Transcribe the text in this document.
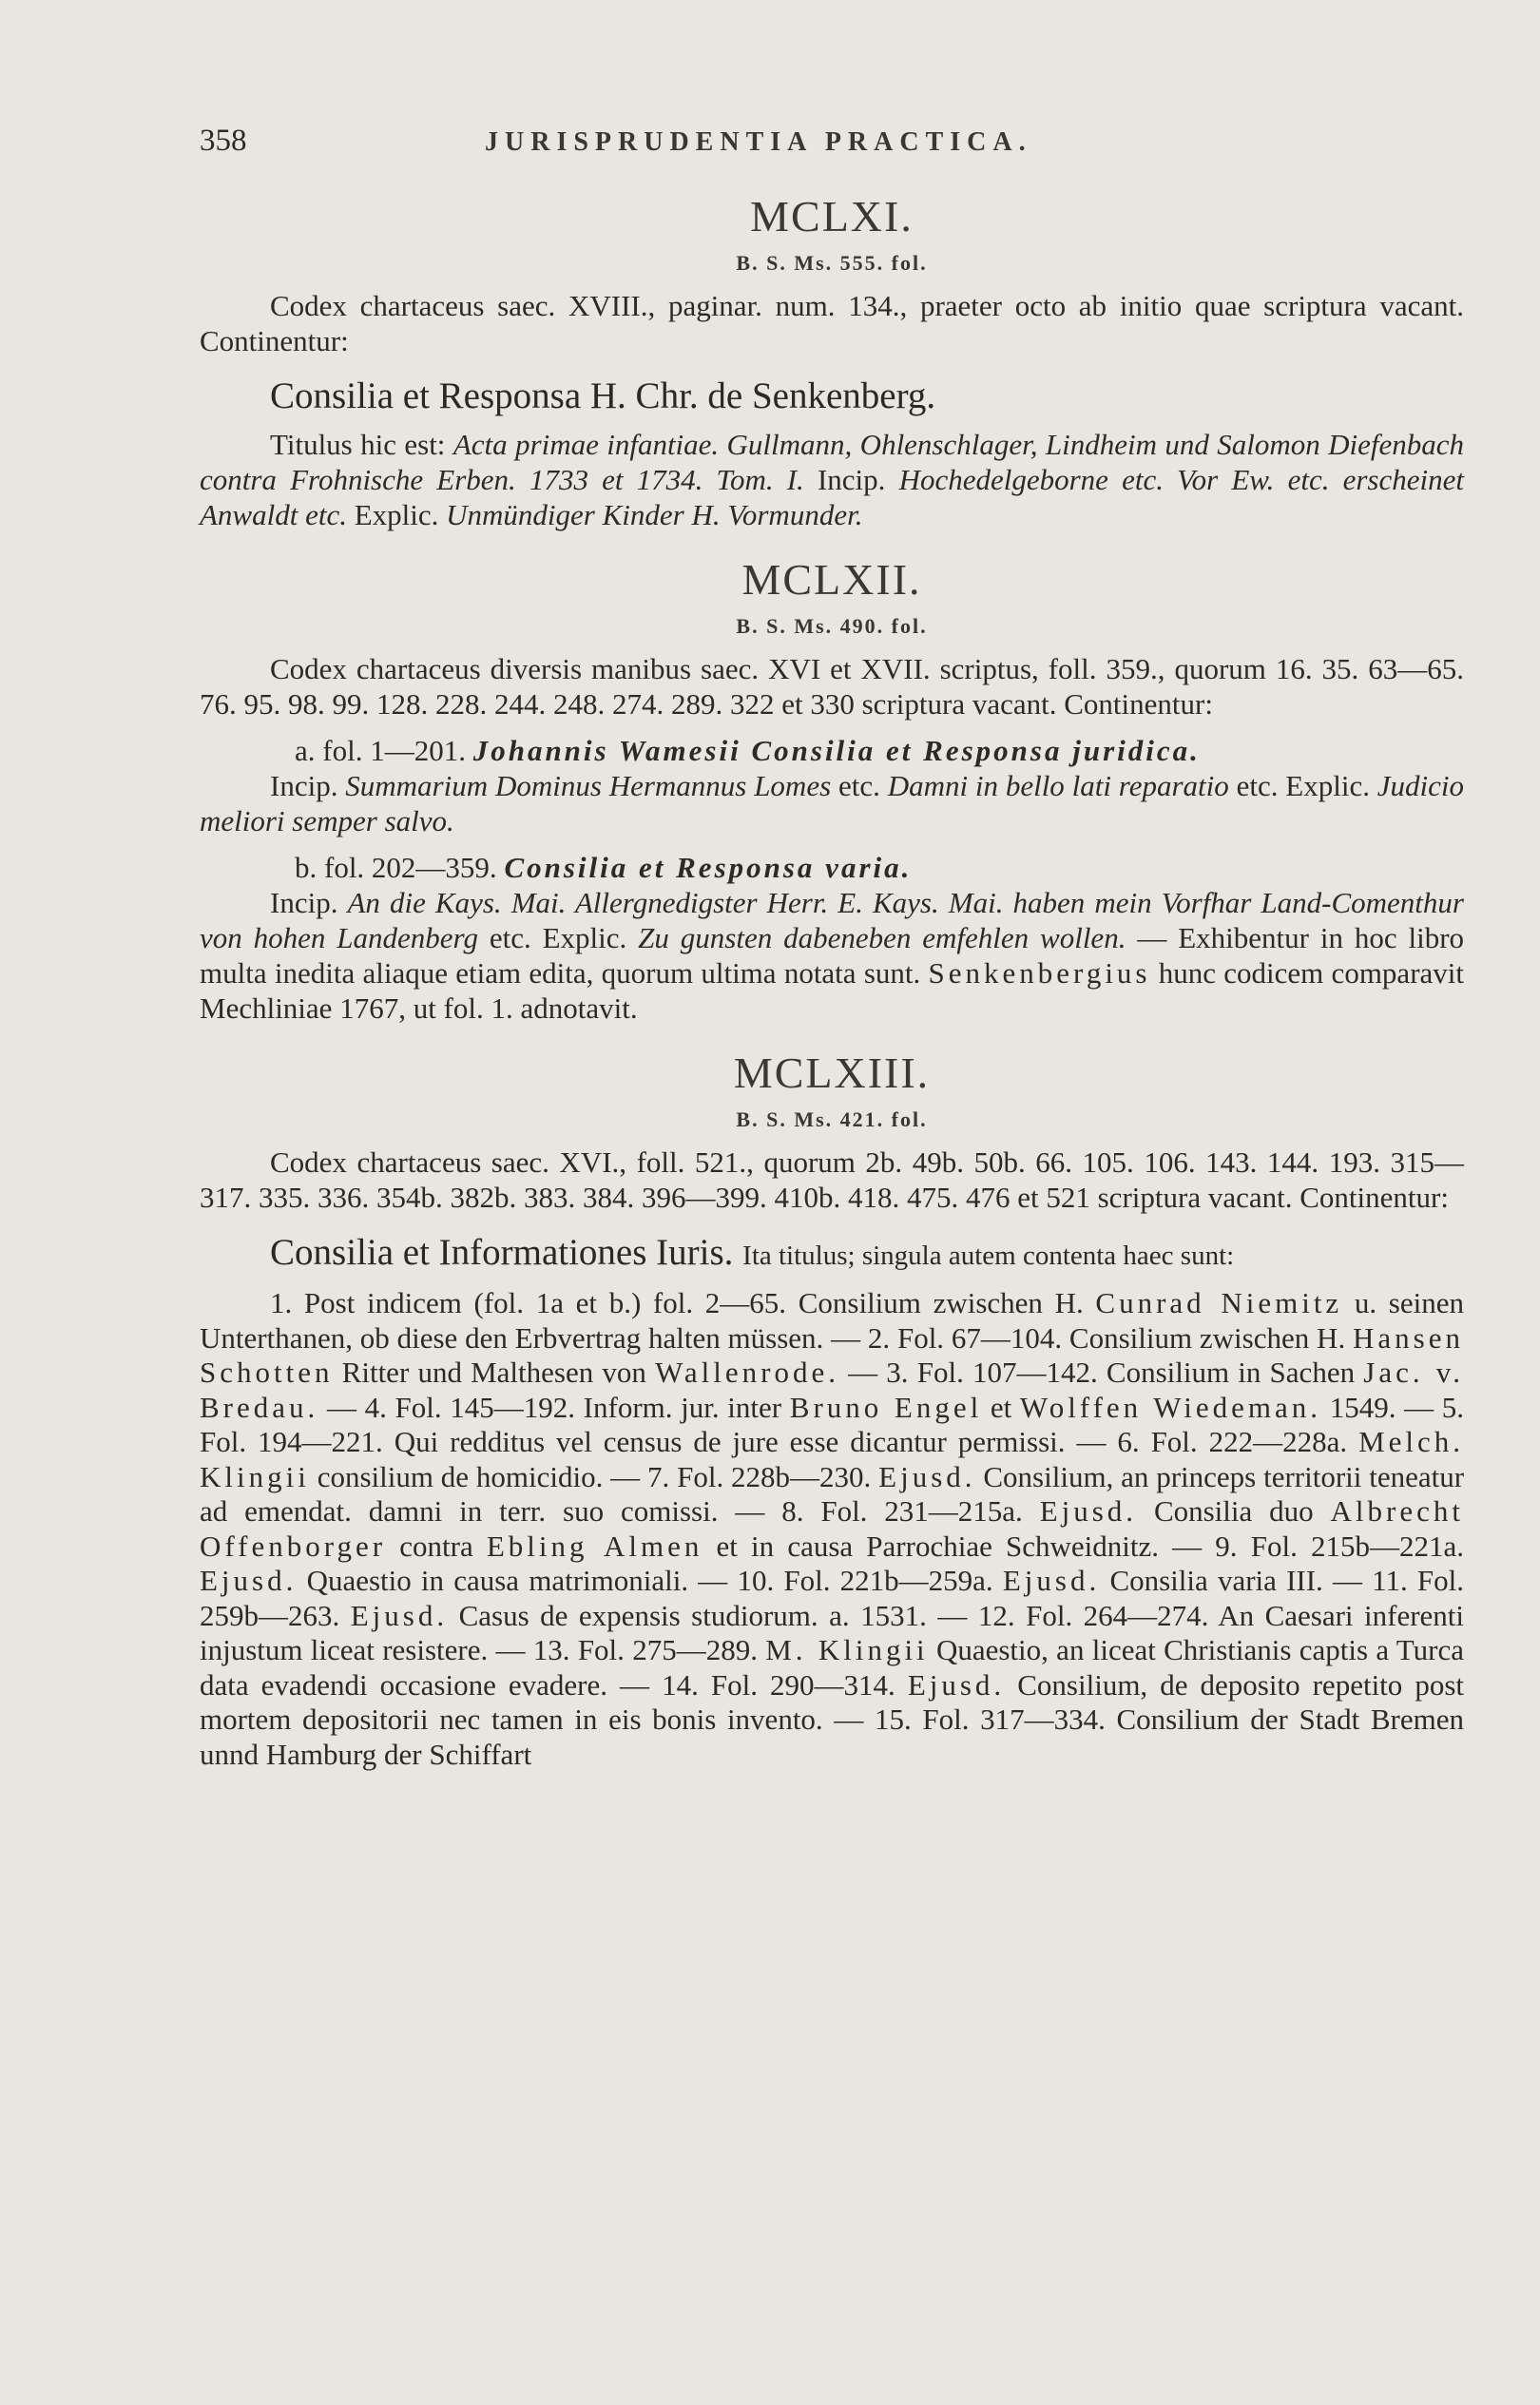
358	JURISPRUDENTIA PRACTICA.
MCLXI.
B. S. Ms. 555. fol.

Codex chartaceus saec. XVIII., paginar. num. 134., praeter octo ab initio quae scriptura vacant. Continentur:

Consilia et Responsa H. Chr. de Senkenberg.

Titulus hic est: Acta primae infantiae. Gullmann, Ohlenschlager, Lindheim und Salomon Diefenbach contra Frohnische Erben. 1733 et 1734. Tom. I. Incip. Hochedelgeborne etc. Vor Ew. etc. erscheinet Anwaldt etc. Explic. Unmündiger Kinder H. Vormunder.

MCLXII.
B. S. Ms. 490. fol.

Codex chartaceus diversis manibus saec. XVI et XVII. scriptus, foll. 359., quorum 16. 35. 63—65. 76. 95. 98. 99. 128. 228. 244. 248. 274. 289. 322 et 330 scriptura vacant. Continentur:

a. fol. 1—201. Johannis Wamesii Consilia et Responsa juridica.

Incip. Summarium Dominus Hermannus Lomes etc. Damni in bello lati reparatio etc. Explic. Judicio meliori semper salvo.

b. fol. 202—359. Consilia et Responsa varia.

Incip. An die Kays. Mai. Allergnedigster Herr. E. Kays. Mai. haben mein Vorfhar Land-Comenthur von hohen Landenberg etc. Explic. Zu gunsten dabeneben emfehlen wollen. — Exhibentur in hoc libro multa inedita aliaque etiam edita, quorum ultima notata sunt. Senkenbergius hunc codicem comparavit Mechliniae 1767, ut fol. 1. adnotavit.

MCLXIII.
B. S. Ms. 421. fol.

Codex chartaceus saec. XVI., foll. 521., quorum 2b. 49b. 50b. 66. 105. 106. 143. 144. 193. 315—317. 335. 336. 354b. 382b. 383. 384. 396—399. 410b. 418. 475. 476 et 521 scriptura vacant. Continentur:

Consilia et Informationes Iuris. Ita titulus; singula autem contenta haec sunt:

1. Post indicem (fol. 1a et b.) fol. 2—65. Consilium zwischen H. Cunrad Niemitz u. seinen Unterthanen, ob diese den Erbvertrag halten müssen. — 2. Fol. 67—104. Consilium zwischen H. Hansen Schotten Ritter und Malthesen von Wallenrode. — 3. Fol. 107—142. Consilium in Sachen Jac. v. Bredau. — 4. Fol. 145—192. Inform. jur. inter Bruno Engel et Wolffen Wiedeman. 1549. — 5. Fol. 194—221. Qui redditus vel census de jure esse dicantur permissi. — 6. Fol. 222—228a. Melch. Klingii consilium de homicidio. — 7. Fol. 228b—230. Ejusd. Consilium, an princeps territorii teneatur ad emendat. damni in terr. suo comissi. — 8. Fol. 231—215a. Ejusd. Consilia duo Albrecht Offenborger contra Ebling Almen et in causa Parrochiae Schweidnitz. — 9. Fol. 215b—221a. Ejusd. Quaestio in causa matrimoniali. — 10. Fol. 221b—259a. Ejusd. Consilia varia III. — 11. Fol. 259b—263. Ejusd. Casus de expensis studiorum. a. 1531. — 12. Fol. 264—274. An Caesari inferenti injustum liceat resistere. — 13. Fol. 275—289. M. Klingii Quaestio, an liceat Christianis captis a Turca data evadendi occasione evadere. — 14. Fol. 290—314. Ejusd. Consilium, de deposito repetito post mortem depositorii nec tamen in eis bonis invento. — 15. Fol. 317—334. Consilium der Stadt Bremen unnd Hamburg der Schiffart
